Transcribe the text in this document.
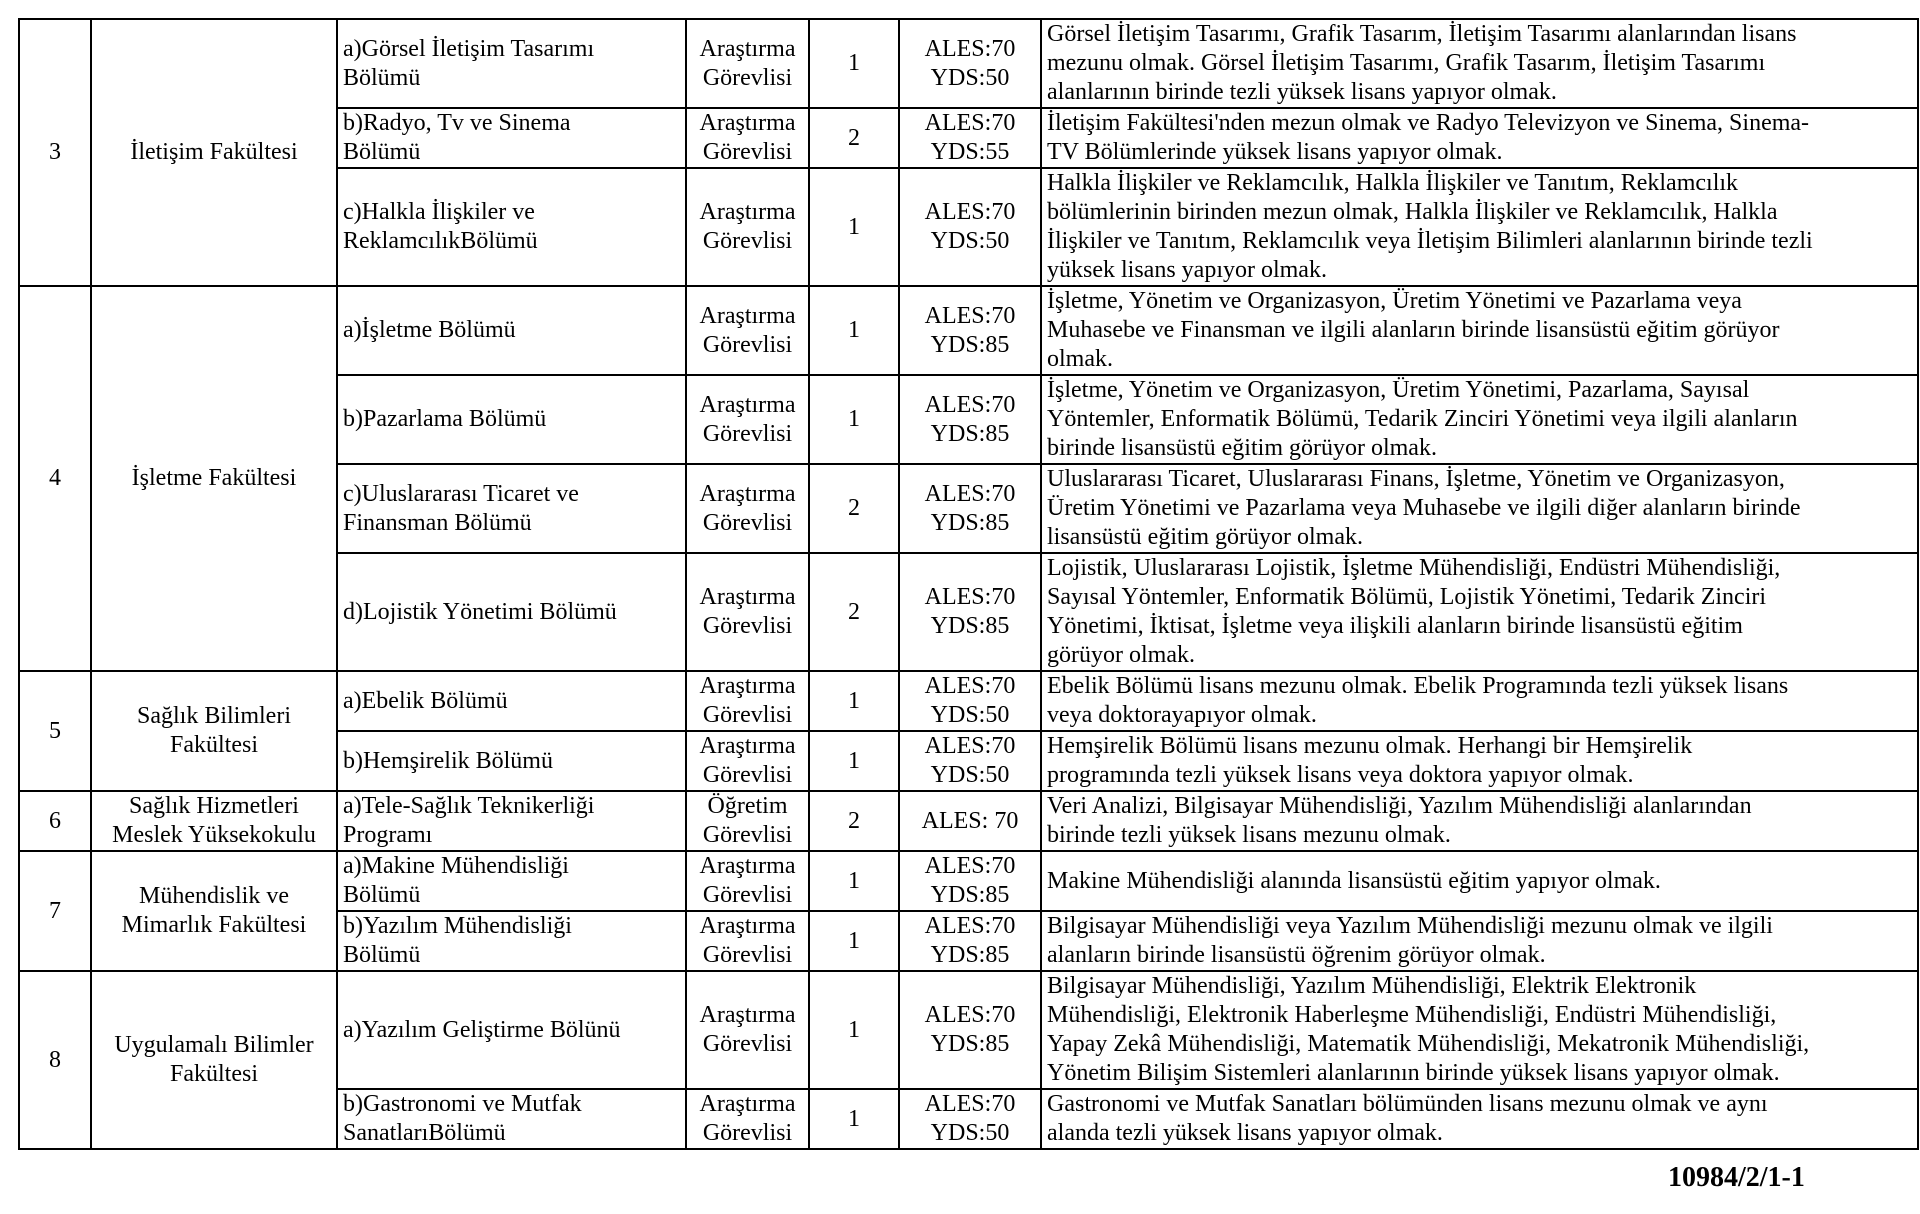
3	İletişim Fakültesi	a)Görsel İletişim Tasarımı
Bölümü	Araştırma
Görevlisi	1	ALES:70
YDS:50	Görsel İletişim Tasarımı, Grafik Tasarım, İletişim Tasarımı alanlarından lisans
mezunu olmak. Görsel İletişim Tasarımı, Grafik Tasarım, İletişim Tasarımı
alanlarının birinde tezli yüksek lisans yapıyor olmak.

		b)Radyo, Tv ve Sinema
Bölümü	Araştırma
Görevlisi	2	ALES:70
YDS:55	İletişim Fakültesi'nden mezun olmak ve Radyo Televizyon ve Sinema, Sinema-
TV Bölümlerinde yüksek lisans yapıyor olmak.

		c)Halkla İlişkiler ve
ReklamcılıkBölümü	Araştırma
Görevlisi	1	ALES:70
YDS:50	Halkla İlişkiler ve Reklamcılık, Halkla İlişkiler ve Tanıtım, Reklamcılık
bölümlerinin birinden mezun olmak, Halkla İlişkiler ve Reklamcılık, Halkla
İlişkiler ve Tanıtım, Reklamcılık veya İletişim Bilimleri alanlarının birinde tezli
yüksek lisans yapıyor olmak.

4	İşletme Fakültesi	a)İşletme Bölümü	Araştırma
Görevlisi	1	ALES:70
YDS:85	İşletme, Yönetim ve Organizasyon, Üretim Yönetimi ve Pazarlama veya
Muhasebe ve Finansman ve ilgili alanların birinde lisansüstü eğitim görüyor
olmak.

		b)Pazarlama Bölümü	Araştırma
Görevlisi	1	ALES:70
YDS:85	İşletme, Yönetim ve Organizasyon, Üretim Yönetimi, Pazarlama, Sayısal
Yöntemler, Enformatik Bölümü, Tedarik Zinciri Yönetimi veya ilgili alanların
birinde lisansüstü eğitim görüyor olmak.

		c)Uluslararası Ticaret ve
Finansman Bölümü	Araştırma
Görevlisi	2	ALES:70
YDS:85	Uluslararası Ticaret, Uluslararası Finans, İşletme, Yönetim ve Organizasyon,
Üretim Yönetimi ve Pazarlama veya Muhasebe ve ilgili diğer alanların birinde
lisansüstü eğitim görüyor olmak.

		d)Lojistik Yönetimi Bölümü	Araştırma
Görevlisi	2	ALES:70
YDS:85	Lojistik, Uluslararası Lojistik, İşletme Mühendisliği, Endüstri Mühendisliği,
Sayısal Yöntemler, Enformatik Bölümü, Lojistik Yönetimi, Tedarik Zinciri
Yönetimi, İktisat, İşletme veya ilişkili alanların birinde lisansüstü eğitim
görüyor olmak.

5	Sağlık Bilimleri
Fakültesi	a)Ebelik Bölümü	Araştırma
Görevlisi	1	ALES:70
YDS:50	Ebelik Bölümü lisans mezunu olmak. Ebelik Programında tezli yüksek lisans
veya doktorayapıyor olmak.

		b)Hemşirelik Bölümü	Araştırma
Görevlisi	1	ALES:70
YDS:50	Hemşirelik Bölümü lisans mezunu olmak. Herhangi bir Hemşirelik
programında tezli yüksek lisans veya doktora yapıyor olmak.

6	Sağlık Hizmetleri
Meslek Yüksekokulu	a)Tele-Sağlık Teknikerliği
Programı	Öğretim
Görevlisi	2	ALES: 70	Veri Analizi, Bilgisayar Mühendisliği, Yazılım Mühendisliği alanlarından
birinde tezli yüksek lisans mezunu olmak.

7	Mühendislik ve
Mimarlık Fakültesi	a)Makine Mühendisliği
Bölümü	Araştırma
Görevlisi	1	ALES:70
YDS:85	Makine Mühendisliği alanında lisansüstü eğitim yapıyor olmak.

		b)Yazılım Mühendisliği
Bölümü	Araştırma
Görevlisi	1	ALES:70
YDS:85	Bilgisayar Mühendisliği veya Yazılım Mühendisliği mezunu olmak ve ilgili
alanların birinde lisansüstü öğrenim görüyor olmak.

8	Uygulamalı Bilimler
Fakültesi	a)Yazılım Geliştirme Bölünü	Araştırma
Görevlisi	1	ALES:70
YDS:85	Bilgisayar Mühendisliği, Yazılım Mühendisliği, Elektrik Elektronik
Mühendisliği, Elektronik Haberleşme Mühendisliği, Endüstri Mühendisliği,
Yapay Zekâ Mühendisliği, Matematik Mühendisliği, Mekatronik Mühendisliği,
Yönetim Bilişim Sistemleri alanlarının birinde yüksek lisans yapıyor olmak.

		b)Gastronomi ve Mutfak
SanatlarıBölümü	Araştırma
Görevlisi	1	ALES:70
YDS:50	Gastronomi ve Mutfak Sanatları bölümünden lisans mezunu olmak ve aynı
alanda tezli yüksek lisans yapıyor olmak.
10984/2/1-1
